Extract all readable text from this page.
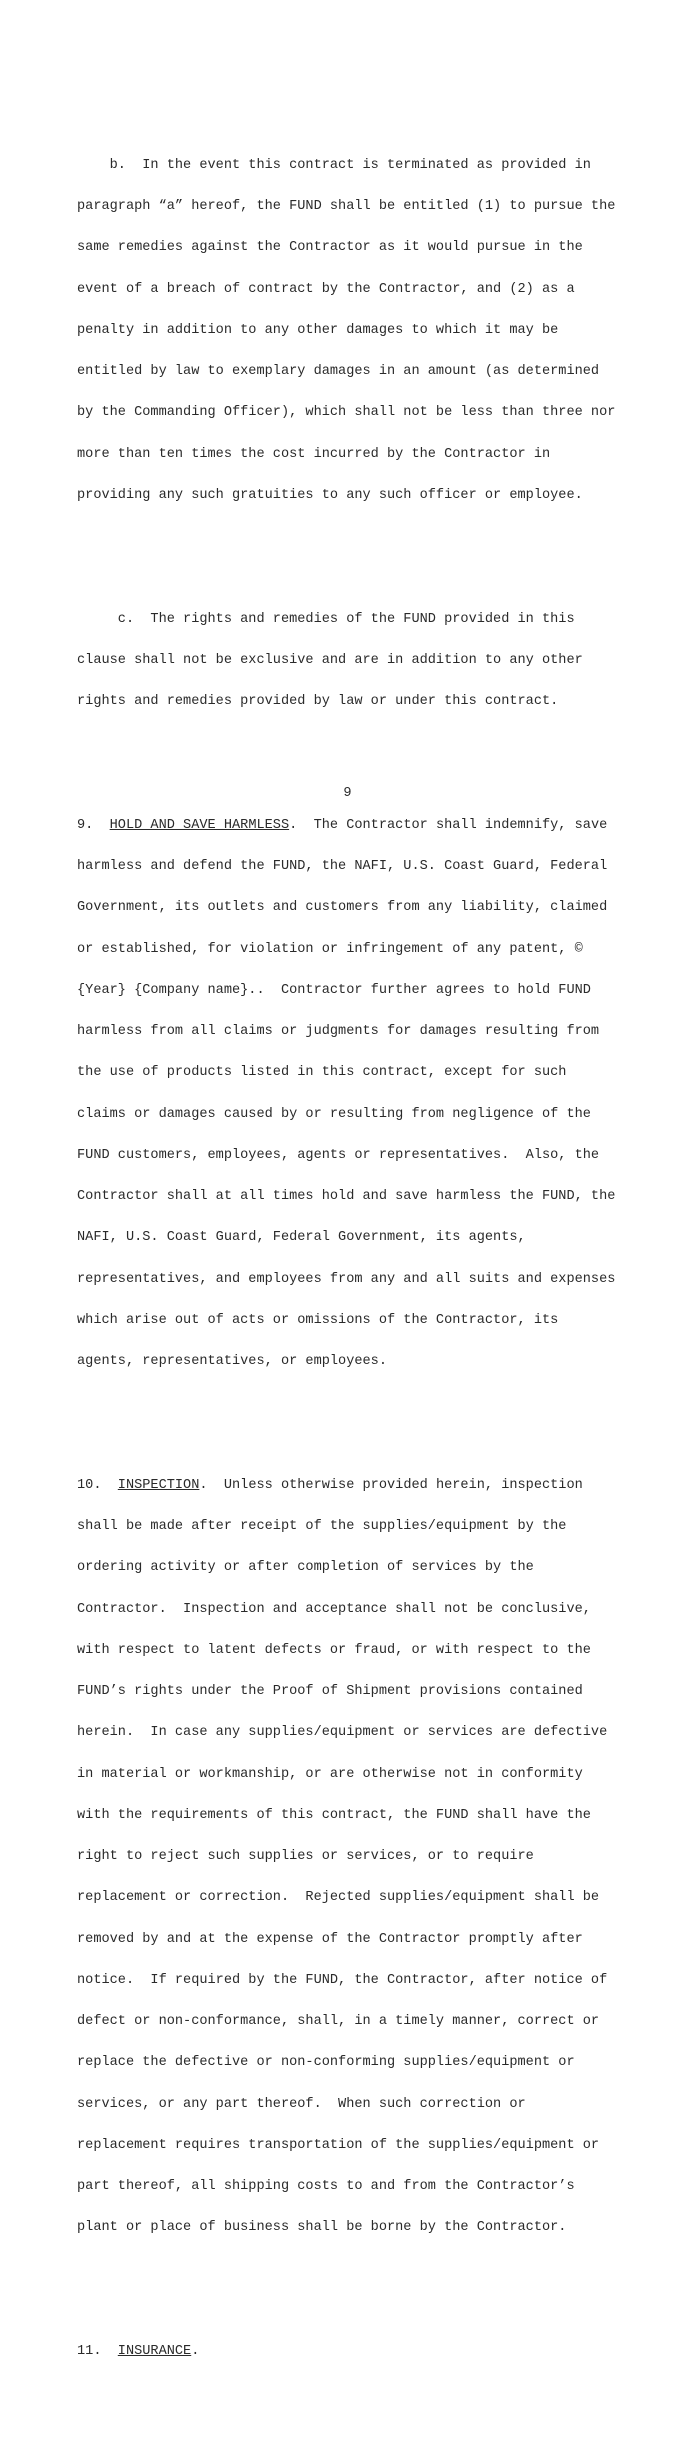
b.  In the event this contract is terminated as provided in

paragraph “a” hereof, the FUND shall be entitled (1) to pursue the

same remedies against the Contractor as it would pursue in the

event of a breach of contract by the Contractor, and (2) as a

penalty in addition to any other damages to which it may be

entitled by law to exemplary damages in an amount (as determined

by the Commanding Officer), which shall not be less than three nor

more than ten times the cost incurred by the Contractor in

providing any such gratuities to any such officer or employee.

c.  The rights and remedies of the FUND provided in this

clause shall not be exclusive and are in addition to any other

rights and remedies provided by law or under this contract.

9.  HOLD AND SAVE HARMLESS.  The Contractor shall indemnify, save

harmless and defend the FUND, the NAFI, U.S. Coast Guard, Federal

Government, its outlets and customers from any liability, claimed

or established, for violation or infringement of any patent, ©

{Year} {Company name}..  Contractor further agrees to hold FUND

harmless from all claims or judgments for damages resulting from

the use of products listed in this contract, except for such

claims or damages caused by or resulting from negligence of the

FUND customers, employees, agents or representatives.  Also, the

Contractor shall at all times hold and save harmless the FUND, the

NAFI, U.S. Coast Guard, Federal Government, its agents,

representatives, and employees from any and all suits and expenses

which arise out of acts or omissions of the Contractor, its

agents, representatives, or employees.

10.  INSPECTION.  Unless otherwise provided herein, inspection

shall be made after receipt of the supplies/equipment by the

ordering activity or after completion of services by the

Contractor.  Inspection and acceptance shall not be conclusive,

with respect to latent defects or fraud, or with respect to the

FUND’s rights under the Proof of Shipment provisions contained

herein.  In case any supplies/equipment or services are defective

in material or workmanship, or are otherwise not in conformity

with the requirements of this contract, the FUND shall have the

right to reject such supplies or services, or to require

replacement or correction.  Rejected supplies/equipment shall be

removed by and at the expense of the Contractor promptly after

notice.  If required by the FUND, the Contractor, after notice of

defect or non-conformance, shall, in a timely manner, correct or

replace the defective or non-conforming supplies/equipment or

services, or any part thereof.  When such correction or

replacement requires transportation of the supplies/equipment or

part thereof, all shipping costs to and from the Contractor’s

plant or place of business shall be borne by the Contractor.

11.  INSURANCE.

9
